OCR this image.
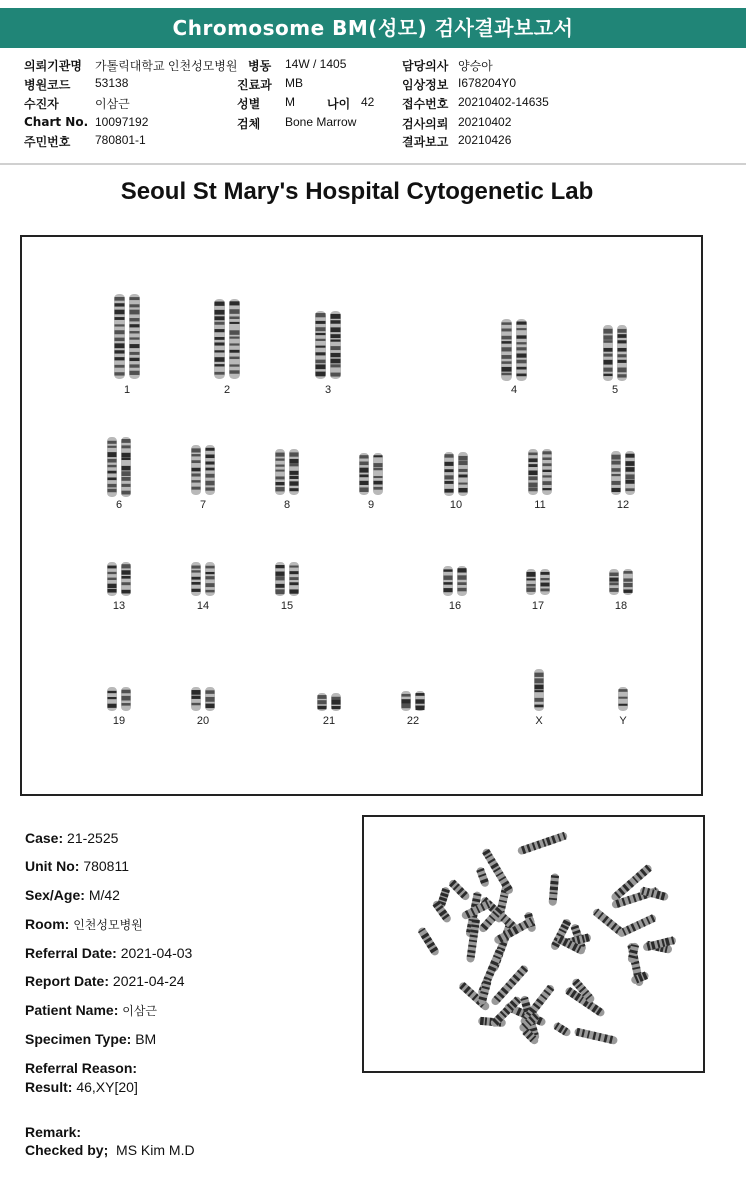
Chromosome BM(성모) 검사결과보고서
의뢰기관명 가톨릭대학교 인천성모병원 병동 14W / 1405	담당의사 양승아
병원코드 53138	진료과 MB	임상정보 I678204Y0
수진자	이삼근	성별 M	나이 42 접수번호 20210402-14635
Chart No. 10097192	검체 Bone Marrow	검사의뢰 20210402
주민번호 780801-1	결과보고 20210426
Seoul St Mary's Hospital Cytogenetic Lab
1	2	3	4	5
6	7	8	9	10	11	12
13	14	15	16	17	18
19	20	21	22	X	Y
Case: 21-2525
Unit No: 780811
Sex/Age: M/42
Room: 인천성모병원
Referral Date: 2021-04-03
Report Date: 2021-04-24
Patient Name: 이삼근
Specimen Type: BM
Referral Reason:
Result: 46,XY[20]
Remark:
Checked by; MS Kim M.D
